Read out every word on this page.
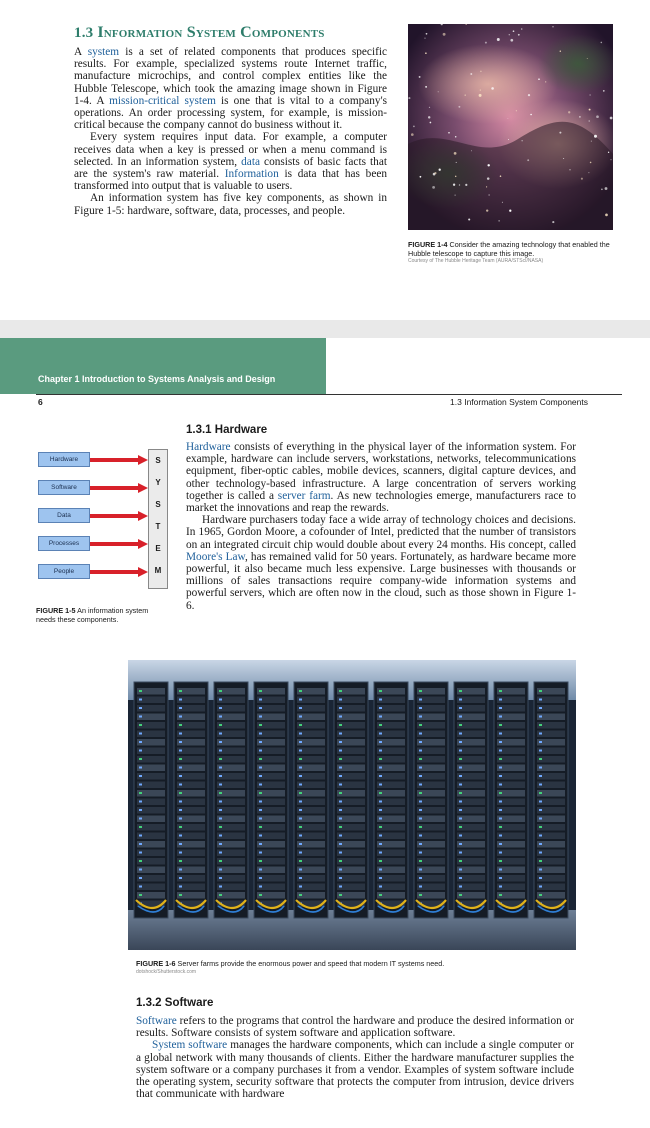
1.3 Information System Components

A system is a set of related components that produces specific results. For example, specialized systems route Internet traffic, manufacture microchips, and control complex entities like the Hubble Telescope, which took the amazing image shown in Figure 1-4. A mission-critical system is one that is vital to a company's operations. An order processing system, for example, is mission-critical because the company cannot do business without it.

Every system requires input data. For example, a computer receives data when a key is pressed or when a menu command is selected. In an information system, data consists of basic facts that are the system's raw material. Information is data that has been transformed into output that is valuable to users.

An information system has five key components, as shown in Figure 1-5: hardware, software, data, processes, and people.

FIGURE 1-4 Consider the amazing technology that enabled the Hubble telescope to capture this image.
Courtesy of The Hubble Heritage Team (AURA/STScI/NASA)
Chapter 1 Introduction to Systems Analysis and Design
6	1.3 Information System Components
Hardware
Software
Data
Processes
People
S
Y
S
T
E
M
FIGURE 1-5 An information system needs these components.
1.3.1 Hardware

Hardware consists of everything in the physical layer of the information system. For example, hardware can include servers, workstations, networks, telecommunications equipment, fiber-optic cables, mobile devices, scanners, digital capture devices, and other technology-based infrastructure. A large concentration of servers working together is called a server farm. As new technologies emerge, manufacturers race to market the innovations and reap the rewards.

Hardware purchasers today face a wide array of technology choices and decisions. In 1965, Gordon Moore, a cofounder of Intel, predicted that the number of transistors on an integrated circuit chip would double about every 24 months. His concept, called Moore's Law, has remained valid for 50 years. Fortunately, as hardware became more powerful, it also became much less expensive. Large businesses with thousands or millions of sales transactions require company-wide information systems and powerful servers, which are often now in the cloud, such as those shown in Figure 1-6.

FIGURE 1-6 Server farms provide the enormous power and speed that modern IT systems need.
dotshock/Shutterstock.com
1.3.2 Software

Software refers to the programs that control the hardware and produce the desired information or results. Software consists of system software and application software.

System software manages the hardware components, which can include a single computer or a global network with many thousands of clients. Either the hardware manufacturer supplies the system software or a company purchases it from a vendor. Examples of system software include the operating system, security software that protects the computer from intrusion, device drivers that communicate with hardware
